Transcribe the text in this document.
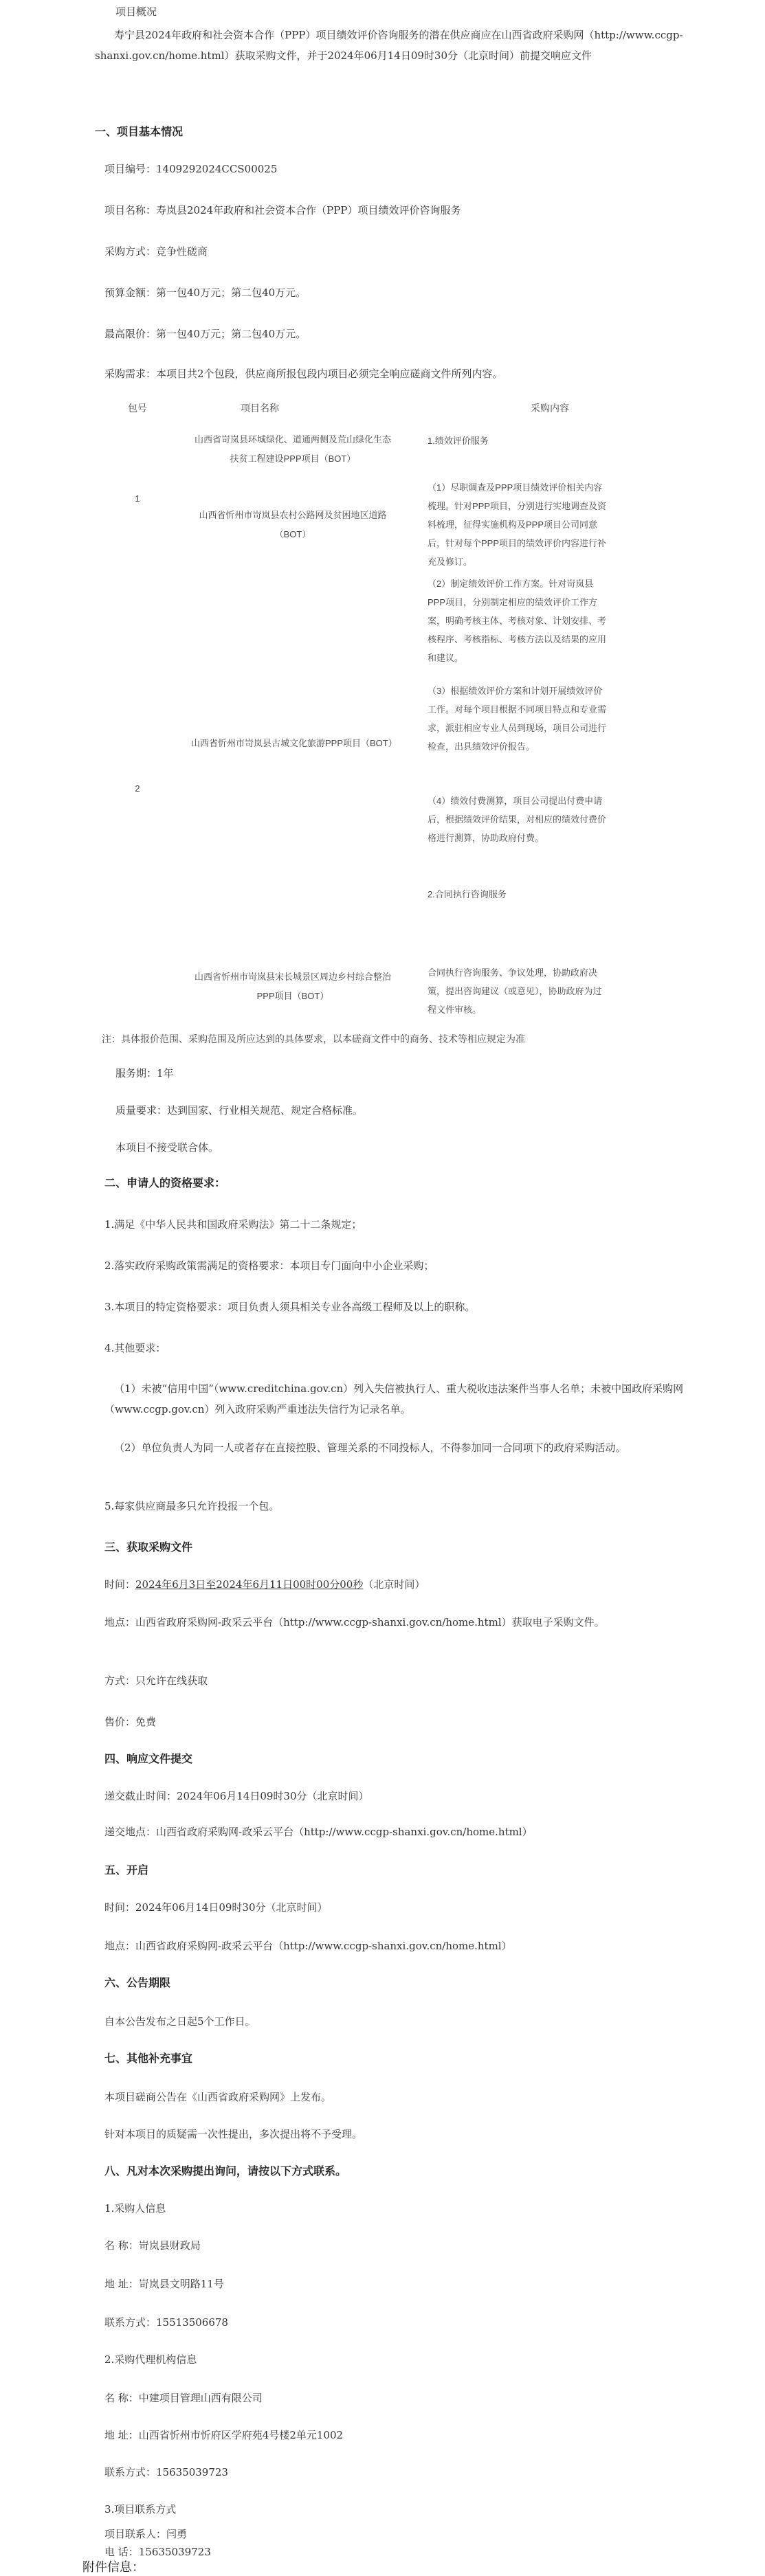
项目概况

寿宁县2024年政府和社会资本合作（PPP）项目绩效评价咨询服务的潜在供应商应在山西省政府采购网（http://www.ccgp-shanxi.gov.cn/home.html）获取采购文件，并于2024年06月14日09时30分（北京时间）前提交响应文件

一、项目基本情况

项目编号：1409292024CCS00025

项目名称：寿岚县2024年政府和社会资本合作（PPP）项目绩效评价咨询服务

采购方式：竞争性磋商

预算金额：第一包40万元；第二包40万元。

最高限价：第一包40万元；第二包40万元。

采购需求：本项目共2个包段，供应商所报包段内项目必须完全响应磋商文件所列内容。

包号	项目名称	采购内容
1
2
山西省岢岚县环城绿化、道通两侧及荒山绿化生态扶贫工程建设PPP项目（BOT）
山西省忻州市岢岚县农村公路网及贫困地区道路（BOT）
山西省忻州市岢岚县古城文化旅游PPP项目（BOT）
山西省忻州市岢岚县宋长城景区周边乡村综合整治PPP项目（BOT）
1.绩效评价服务
（1）尽职调查及PPP项目绩效评价相关内容梳理。针对PPP项目，分别进行实地调查及资料梳理，征得实施机构及PPP项目公司同意后，针对每个PPP项目的绩效评价内容进行补充及修订。
（2）制定绩效评价工作方案。针对岢岚县PPP项目，分别制定相应的绩效评价工作方案，明确考核主体、考核对象、计划安排、考核程序、考核指标、考核方法以及结果的应用和建议。
（3）根据绩效评价方案和计划开展绩效评价工作。对每个项目根据不同项目特点和专业需求，派驻相应专业人员到现场，项目公司进行检查，出具绩效评价报告。
（4）绩效付费测算，项目公司提出付费申请后，根据绩效评价结果，对相应的绩效付费价格进行测算，协助政府付费。
2.合同执行咨询服务
合同执行咨询服务、争议处理，协助政府决策，提出咨询建议（或意见），协助政府为过程文件审核。

注：具体报价范围、采购范围及所应达到的具体要求，以本磋商文件中的商务、技术等相应规定为准

服务期：1年

质量要求：达到国家、行业相关规范、规定合格标准。

本项目不接受联合体。

二、申请人的资格要求：

1.满足《中华人民共和国政府采购法》第二十二条规定；

2.落实政府采购政策需满足的资格要求：本项目专门面向中小企业采购；

3.本项目的特定资格要求：项目负责人须具相关专业各高级工程师及以上的职称。

4.其他要求：

（1）未被“信用中国”（www.creditchina.gov.cn）列入失信被执行人、重大税收违法案件当事人名单；未被中国政府采购网（www.ccgp.gov.cn）列入政府采购严重违法失信行为记录名单。

（2）单位负责人为同一人或者存在直接控股、管理关系的不同投标人，不得参加同一合同项下的政府采购活动。

5.每家供应商最多只允许投报一个包。

三、获取采购文件

时间：2024年6月3日至2024年6月11日00时00分00秒（北京时间）

地点：山西省政府采购网-政采云平台（http://www.ccgp-shanxi.gov.cn/home.html）获取电子采购文件。

方式：只允许在线获取

售价：免费

四、响应文件提交

递交截止时间：2024年06月14日09时30分（北京时间）

递交地点：山西省政府采购网-政采云平台（http://www.ccgp-shanxi.gov.cn/home.html）

五、开启

时间：2024年06月14日09时30分（北京时间）

地点：山西省政府采购网-政采云平台（http://www.ccgp-shanxi.gov.cn/home.html）

六、公告期限

自本公告发布之日起5个工作日。

七、其他补充事宜

本项目磋商公告在《山西省政府采购网》上发布。

针对本项目的质疑需一次性提出，多次提出将不予受理。

八、凡对本次采购提出询问，请按以下方式联系。

1.采购人信息

名 称：岢岚县财政局

地 址：岢岚县文明路11号

联系方式：15513506678

2.采购代理机构信息

名 称：中建项目管理山西有限公司

地 址：山西省忻州市忻府区学府苑4号楼2单元1002

联系方式：15635039723

3.项目联系方式

项目联系人：闫勇

电 话：15635039723

附件信息：
